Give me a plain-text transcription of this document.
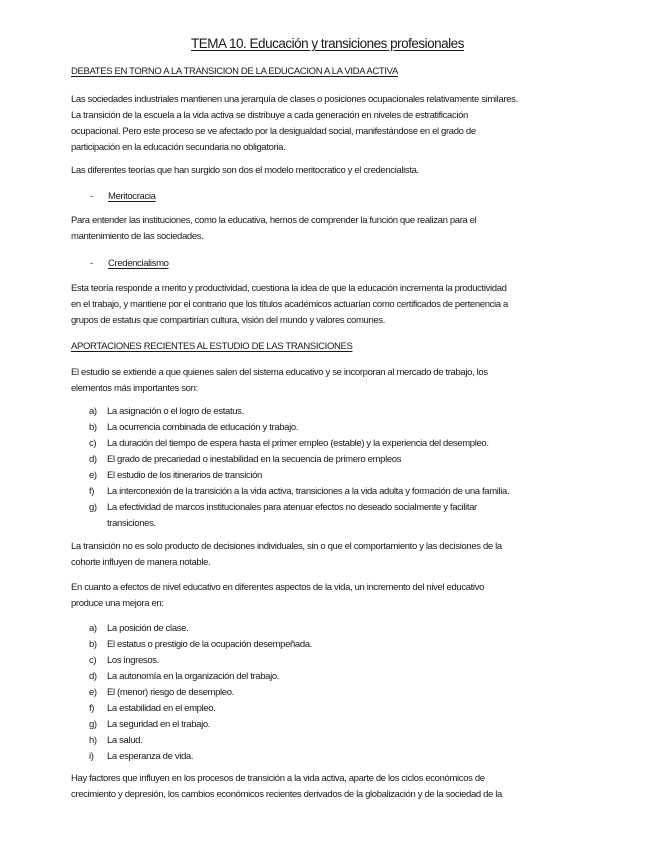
TEMA 10. Educación y transiciones profesionales
DEBATES EN TORNO A LA TRANSICION DE LA EDUCACION A LA VIDA ACTIVA
Las sociedades industriales mantienen una jerarquía de clases o posiciones ocupacionales relativamente similares.
La transición de la escuela a la vida activa se distribuye a cada generación en niveles de estratificación
ocupacional. Pero este proceso se ve afectado por la desigualdad social, manifestándose en el grado de
participación en la educación secundaria no obligatoria.
Las diferentes teorías que han surgido son dos el modelo meritocratico y el credencialista.
- Meritocracia
Para entender las instituciones, como la educativa, hemos de comprender la función que realizan para el
mantenimiento de las sociedades.
- Credencialismo
Esta teoría responde a merito y productividad, cuestiona la idea de que la educación incrementa la productividad
en el trabajo, y mantiene por el contrario que los títulos académicos actuarían como certificados de pertenencia a
grupos de estatus que compartirían cultura, visión del mundo y valores comunes.
APORTACIONES RECIENTES AL ESTUDIO DE LAS TRANSICIONES
El estudio se extiende a que quienes salen del sistema educativo y se incorporan al mercado de trabajo, los
elementos más importantes son:
a) La asignación o el logro de estatus.
b) La ocurrencia combinada de educación y trabajo.
c) La duración del tiempo de espera hasta el primer empleo (estable) y la experiencia del desempleo.
d) El grado de precariedad o inestabilidad en la secuencia de primero empleos
e) El estudio de los itinerarios de transición
f) La interconexión de la transición a la vida activa, transiciones a la vida adulta y formación de una familia.
g) La efectividad de marcos institucionales para atenuar efectos no deseado socialmente y facilitar
transiciones.
La transición no es solo producto de decisiones individuales, sin o que el comportamiento y las decisiones de la
cohorte influyen de manera notable.
En cuanto a efectos de nivel educativo en diferentes aspectos de la vida, un incremento del nivel educativo
produce una mejora en:
a) La posición de clase.
b) El estatus o prestigio de la ocupación desempeñada.
c) Los ingresos.
d) La autonomía en la organización del trabajo.
e) El (menor) riesgo de desempleo.
f) La estabilidad en el empleo.
g) La seguridad en el trabajo.
h) La salud.
i) La esperanza de vida.
Hay factores que influyen en los procesos de transición a la vida activa, aparte de los ciclos económicos de
crecimiento y depresión, los cambios económicos recientes derivados de la globalización y de la sociedad de la
